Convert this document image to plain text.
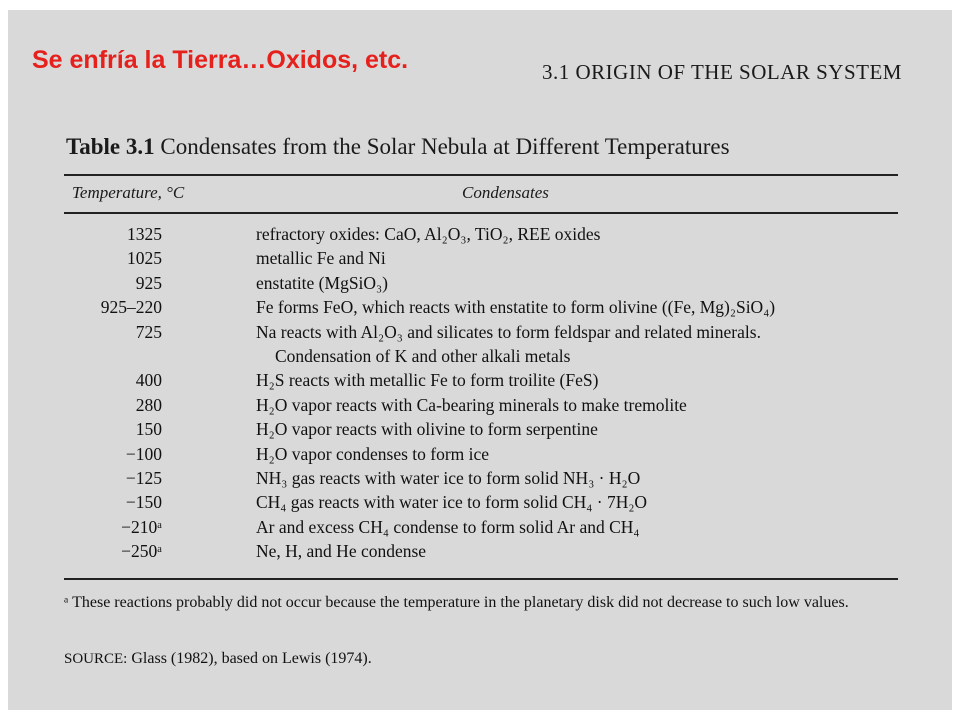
Se enfría la Tierra…Oxidos, etc.	3.1 ORIGIN OF THE SOLAR SYSTEM
Table 3.1 Condensates from the Solar Nebula at Different Temperatures
Temperature, °C	Condensates
1325	refractory oxides: CaO, Al₂O₃, TiO₂, REE oxides
1025	metallic Fe and Ni
925	enstatite (MgSiO₃)
925–220	Fe forms FeO, which reacts with enstatite to form olivine ((Fe, Mg)₂SiO₄)
725	Na reacts with Al₂O₃ and silicates to form feldspar and related minerals.
Condensation of K and other alkali metals
400	H₂S reacts with metallic Fe to form troilite (FeS)
280	H₂O vapor reacts with Ca-bearing minerals to make tremolite
150	H₂O vapor reacts with olivine to form serpentine
−100	H₂O vapor condenses to form ice
−125	NH₃ gas reacts with water ice to form solid NH₃ · H₂O
−150	CH₄ gas reacts with water ice to form solid CH₄ · 7H₂O
−210ᵃ	Ar and excess CH₄ condense to form solid Ar and CH₄
−250ᵃ	Ne, H, and He condense
ᵃ These reactions probably did not occur because the temperature in the planetary disk did not decrease to such low values.
SOURCE: Glass (1982), based on Lewis (1974).
